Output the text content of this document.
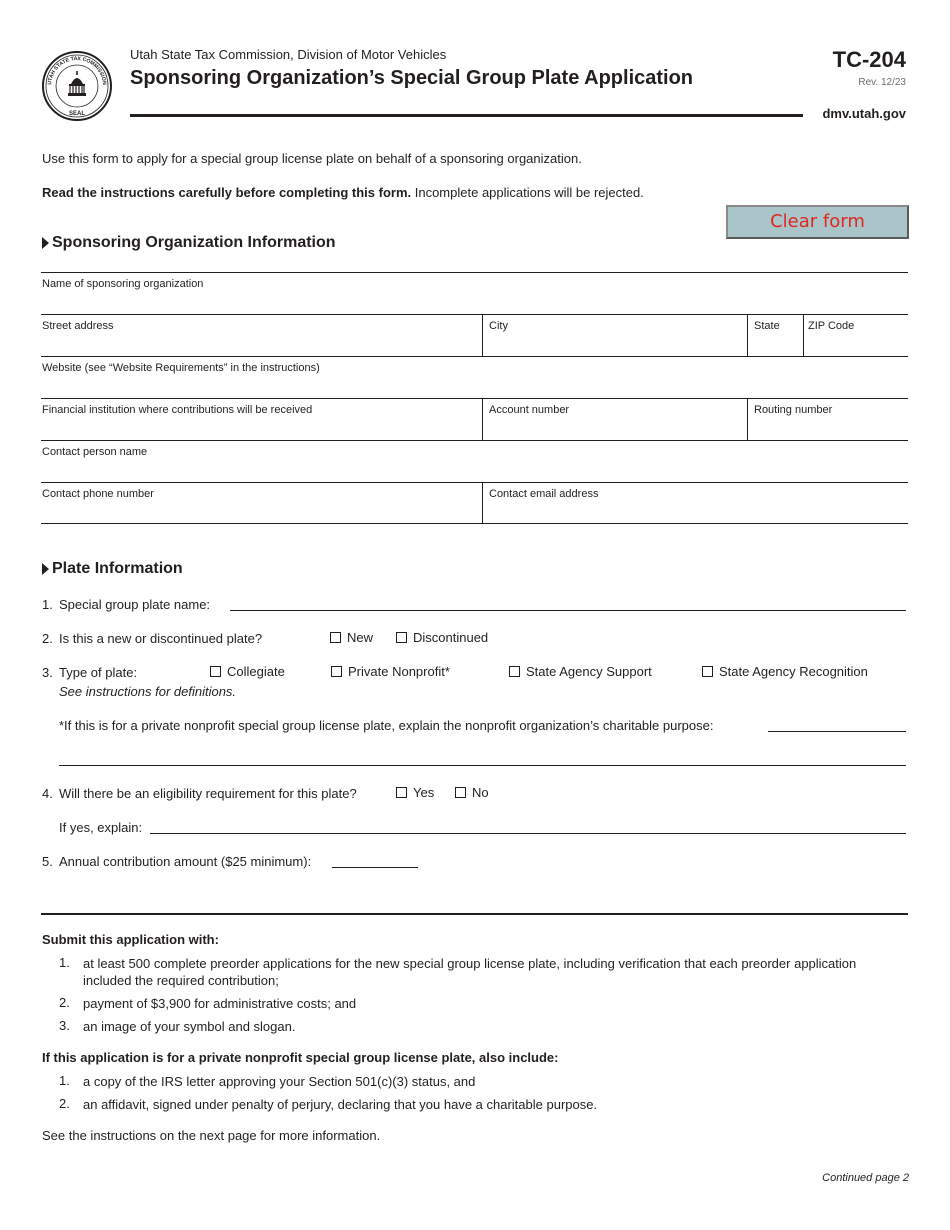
UTAH STATE TAX COMMISSION
SEAL
Utah State Tax Commission, Division of Motor Vehicles
Sponsoring Organization’s Special Group Plate Application
TC-204
Rev. 12/23
dmv.utah.gov
Use this form to apply for a special group license plate on behalf of a sponsoring organization.
Read the instructions carefully before completing this form. Incomplete applications will be rejected.
Clear form
Sponsoring Organization Information
Name of sponsoring organization
Street address	City	State	ZIP Code
Website (see “Website Requirements” in the instructions)
Financial institution where contributions will be received	Account number	Routing number
Contact person name
Contact phone number	Contact email address
Plate Information
1. Special group plate name:
2. Is this a new or discontinued plate?	New	Discontinued
3. Type of plate:
See instructions for definitions.
Collegiate	Private Nonprofit*	State Agency Support	State Agency Recognition
*If this is for a private nonprofit special group license plate, explain the nonprofit organization’s charitable purpose:
4. Will there be an eligibility requirement for this plate?	Yes	No
If yes, explain:
5. Annual contribution amount ($25 minimum):
Submit this application with:
1. at least 500 complete preorder applications for the new special group license plate, including verification that each preorder application included the required contribution;
2. payment of $3,900 for administrative costs; and
3. an image of your symbol and slogan.
If this application is for a private nonprofit special group license plate, also include:
1. a copy of the IRS letter approving your Section 501(c)(3) status, and
2. an affidavit, signed under penalty of perjury, declaring that you have a charitable purpose.
See the instructions on the next page for more information.
Continued page 2
